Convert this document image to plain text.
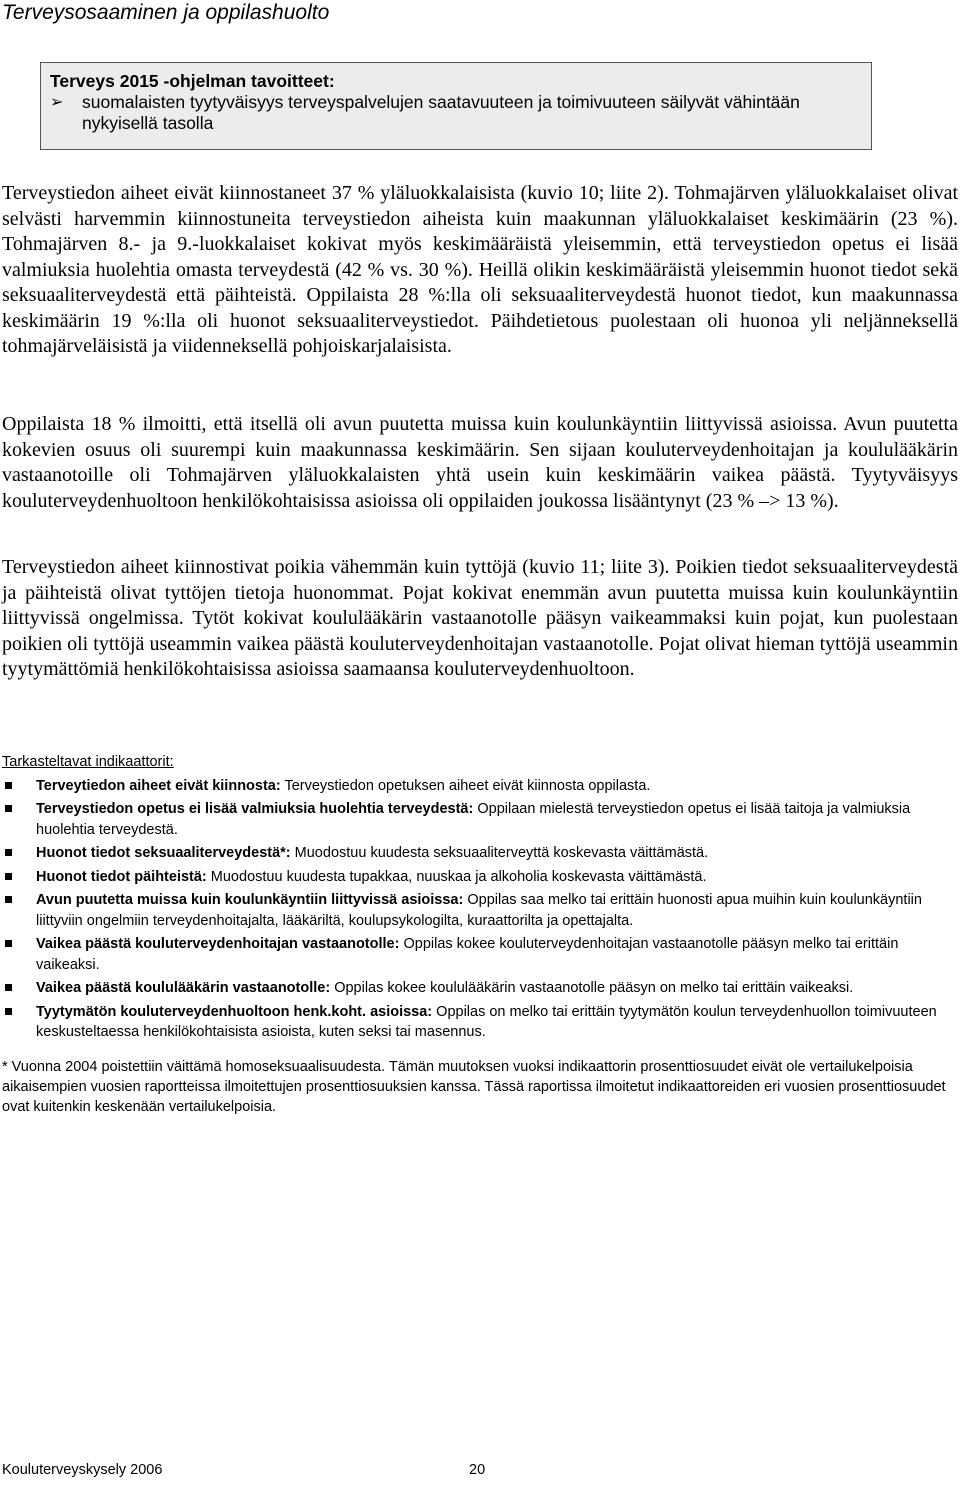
Terveysosaaminen ja oppilashuolto

Terveys 2015 -ohjelman tavoitteet:

➢	suomalaisten tyytyväisyys terveyspalvelujen saatavuuteen ja toimivuuteen säilyvät vähintään nykyisellä tasolla

Terveystiedon aiheet eivät kiinnostaneet 37 % yläluokkalaisista (kuvio 10; liite 2). Tohmajärven yläluokkalaiset olivat selvästi harvemmin kiinnostuneita terveystiedon aiheista kuin maakunnan yläluokkalaiset keskimäärin (23 %). Tohmajärven 8.- ja 9.-luokkalaiset kokivat myös keskimääräistä yleisemmin, että terveystiedon opetus ei lisää valmiuksia huolehtia omasta terveydestä (42 % vs. 30 %). Heillä olikin keskimääräistä yleisemmin huonot tiedot sekä seksuaaliterveydestä että päihteistä. Oppilaista 28 %:lla oli seksuaaliterveydestä huonot tiedot, kun maakunnassa keskimäärin 19 %:lla oli huonot seksuaaliterveystiedot. Päihdetietous puolestaan oli huonoa yli neljänneksellä tohmajärveläisistä ja viidenneksellä pohjoiskarjalaisista.

Oppilaista 18 % ilmoitti, että itsellä oli avun puutetta muissa kuin koulunkäyntiin liittyvissä asioissa. Avun puutetta kokevien osuus oli suurempi kuin maakunnassa keskimäärin. Sen sijaan kouluterveydenhoitajan ja koululääkärin vastaanotoille oli Tohmajärven yläluokkalaisten yhtä usein kuin keskimäärin vaikea päästä. Tyytyväisyys kouluterveydenhuoltoon henkilökohtaisissa asioissa oli oppilaiden joukossa lisääntynyt (23 % –> 13 %).

Terveystiedon aiheet kiinnostivat poikia vähemmän kuin tyttöjä (kuvio 11; liite 3). Poikien tiedot seksuaaliterveydestä ja päihteistä olivat tyttöjen tietoja huonommat. Pojat kokivat enemmän avun puutetta muissa kuin koulunkäyntiin liittyvissä ongelmissa. Tytöt kokivat koululääkärin vastaanotolle pääsyn vaikeammaksi kuin pojat, kun puolestaan poikien oli tyttöjä useammin vaikea päästä kouluterveydenhoitajan vastaanotolle. Pojat olivat hieman tyttöjä useammin tyytymättömiä henkilökohtaisissa asioissa saamaansa kouluterveydenhuoltoon.

Tarkasteltavat indikaattorit:

Terveytiedon aiheet eivät kiinnosta: Terveystiedon opetuksen aiheet eivät kiinnosta oppilasta.
Terveystiedon opetus ei lisää valmiuksia huolehtia terveydestä: Oppilaan mielestä terveystiedon opetus ei lisää taitoja ja valmiuksia huolehtia terveydestä.
Huonot tiedot seksuaaliterveydestä*: Muodostuu kuudesta seksuaaliterveyttä koskevasta väittämästä.
Huonot tiedot päihteistä: Muodostuu kuudesta tupakkaa, nuuskaa ja alkoholia koskevasta väittämästä.
Avun puutetta muissa kuin koulunkäyntiin liittyvissä asioissa: Oppilas saa melko tai erittäin huonosti apua muihin kuin koulunkäyntiin liittyviin ongelmiin terveydenhoitajalta, lääkäriltä, koulupsykologilta, kuraattorilta ja opettajalta.
Vaikea päästä kouluterveydenhoitajan vastaanotolle: Oppilas kokee kouluterveydenhoitajan vastaanotolle pääsyn melko tai erittäin vaikeaksi.
Vaikea päästä koululääkärin vastaanotolle: Oppilas kokee koululääkärin vastaanotolle pääsyn on melko tai erittäin vaikeaksi.
Tyytymätön kouluterveydenhuoltoon henk.koht. asioissa: Oppilas on melko tai erittäin tyytymätön koulun terveydenhuollon toimivuuteen keskusteltaessa henkilökohtaisista asioista, kuten seksi tai masennus.

* Vuonna 2004 poistettiin väittämä homoseksuaalisuudesta. Tämän muutoksen vuoksi indikaattorin prosenttiosuudet eivät ole vertailukelpoisia aikaisempien vuosien raportteissa ilmoitettujen prosenttiosuuksien kanssa. Tässä raportissa ilmoitetut indikaattoreiden eri vuosien prosenttiosuudet ovat kuitenkin keskenään vertailukelpoisia.

Kouluterveyskysely 2006	20
